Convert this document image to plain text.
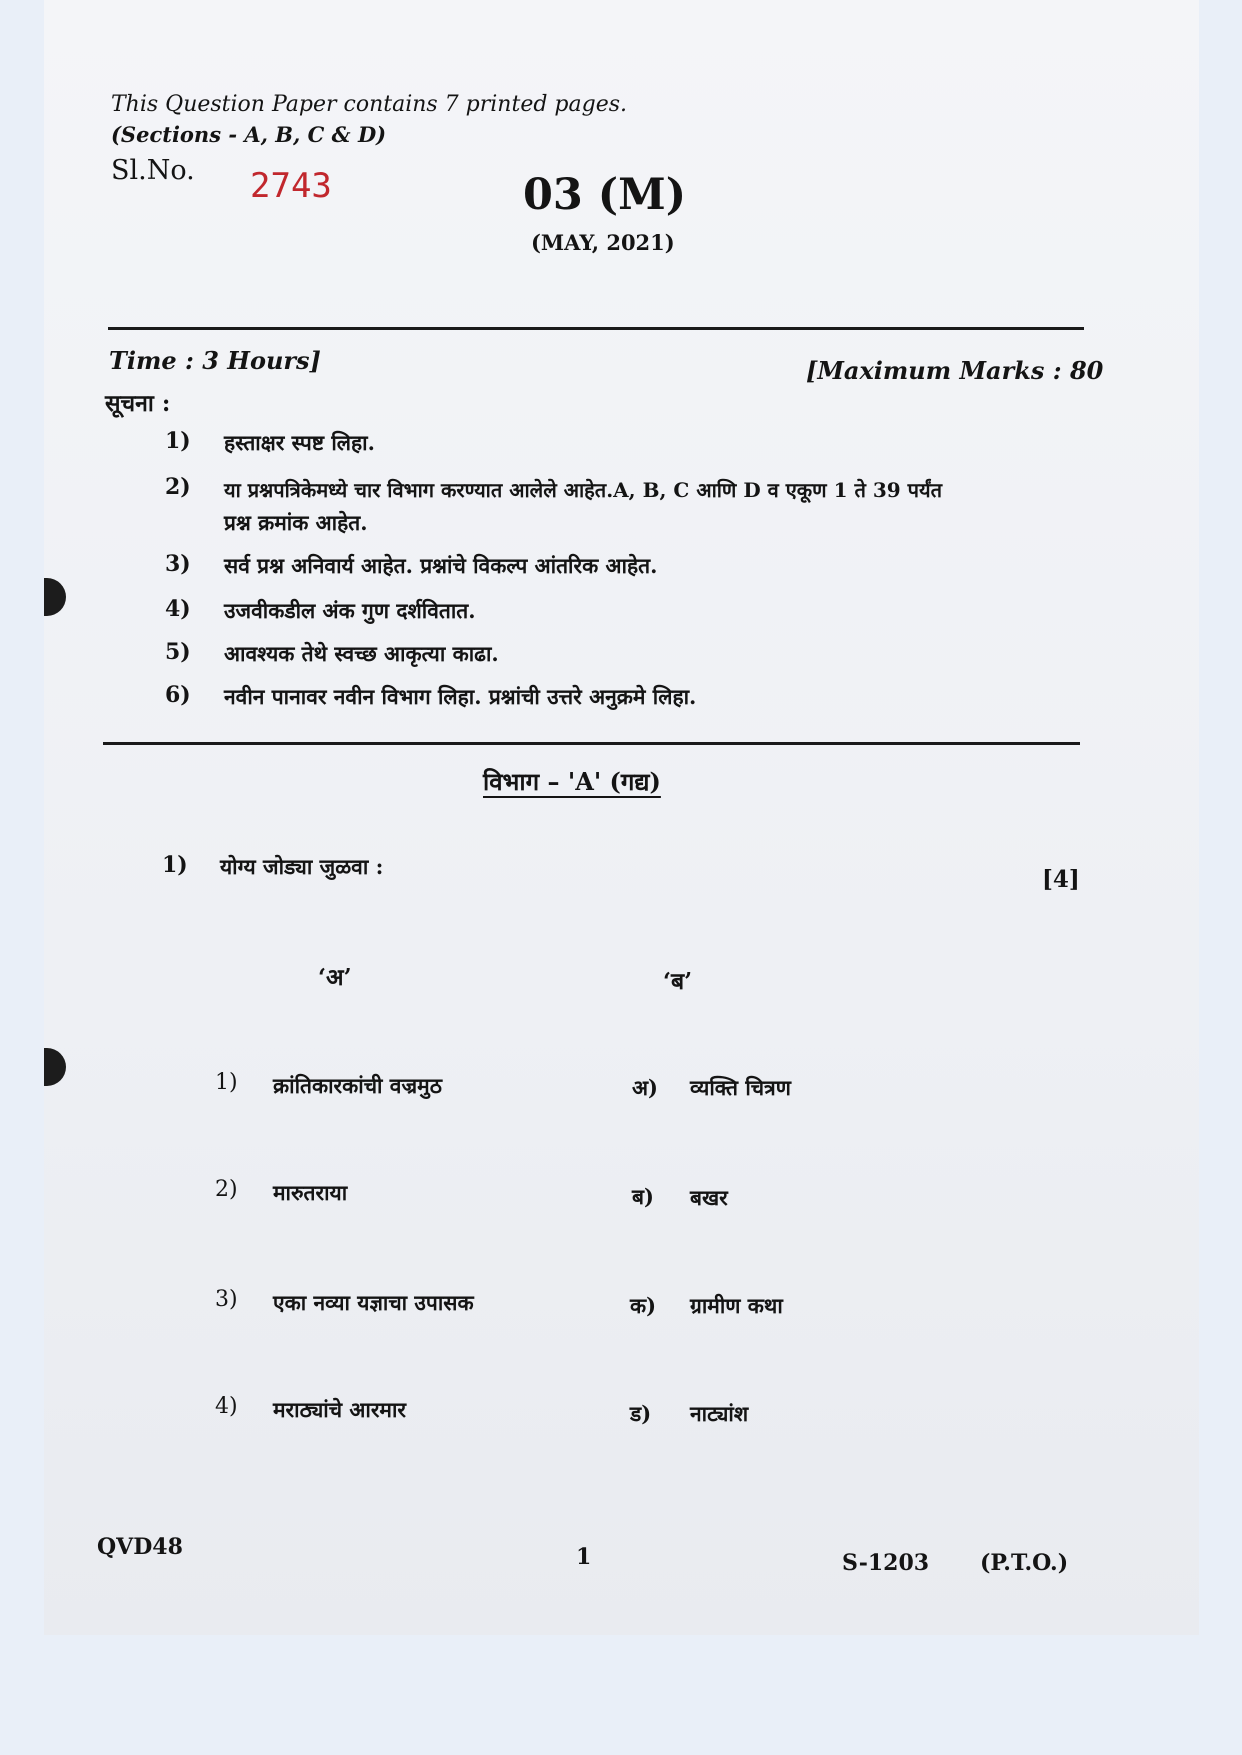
This Question Paper contains 7 printed pages.
(Sections - A, B, C & D)
Sl.No. 2743	03 (M)
(MAY, 2021)
Time : 3 Hours]	[Maximum Marks : 80
सूचना :
1) हस्ताक्षर स्पष्ट लिहा.
2) या प्रश्नपत्रिकेमध्ये चार विभाग करण्यात आलेले आहेत.A, B, C आणि D व एकूण 1 ते 39 पर्यंत
प्रश्न क्रमांक आहेत.
3) सर्व प्रश्न अनिवार्य आहेत. प्रश्नांचे विकल्प आंतरिक आहेत.
4) उजवीकडील अंक गुण दर्शवितात.
5) आवश्यक तेथे स्वच्छ आकृत्या काढा.
6) नवीन पानावर नवीन विभाग लिहा. प्रश्नांची उत्तरे अनुक्रमे लिहा.
विभाग – 'A' (गद्य)
1) योग्य जोड्या जुळवा :	[4]
‘अ’	‘ब’
1) क्रांतिकारकांची वज्रमुठ	अ) व्यक्ति चित्रण
2) मारुतराया	ब) बखर
3) एका नव्या यज्ञाचा उपासक	क) ग्रामीण कथा
4) मराठ्यांचे आरमार	ड) नाट्यांश
QVD48	1	S-1203 (P.T.O.)
